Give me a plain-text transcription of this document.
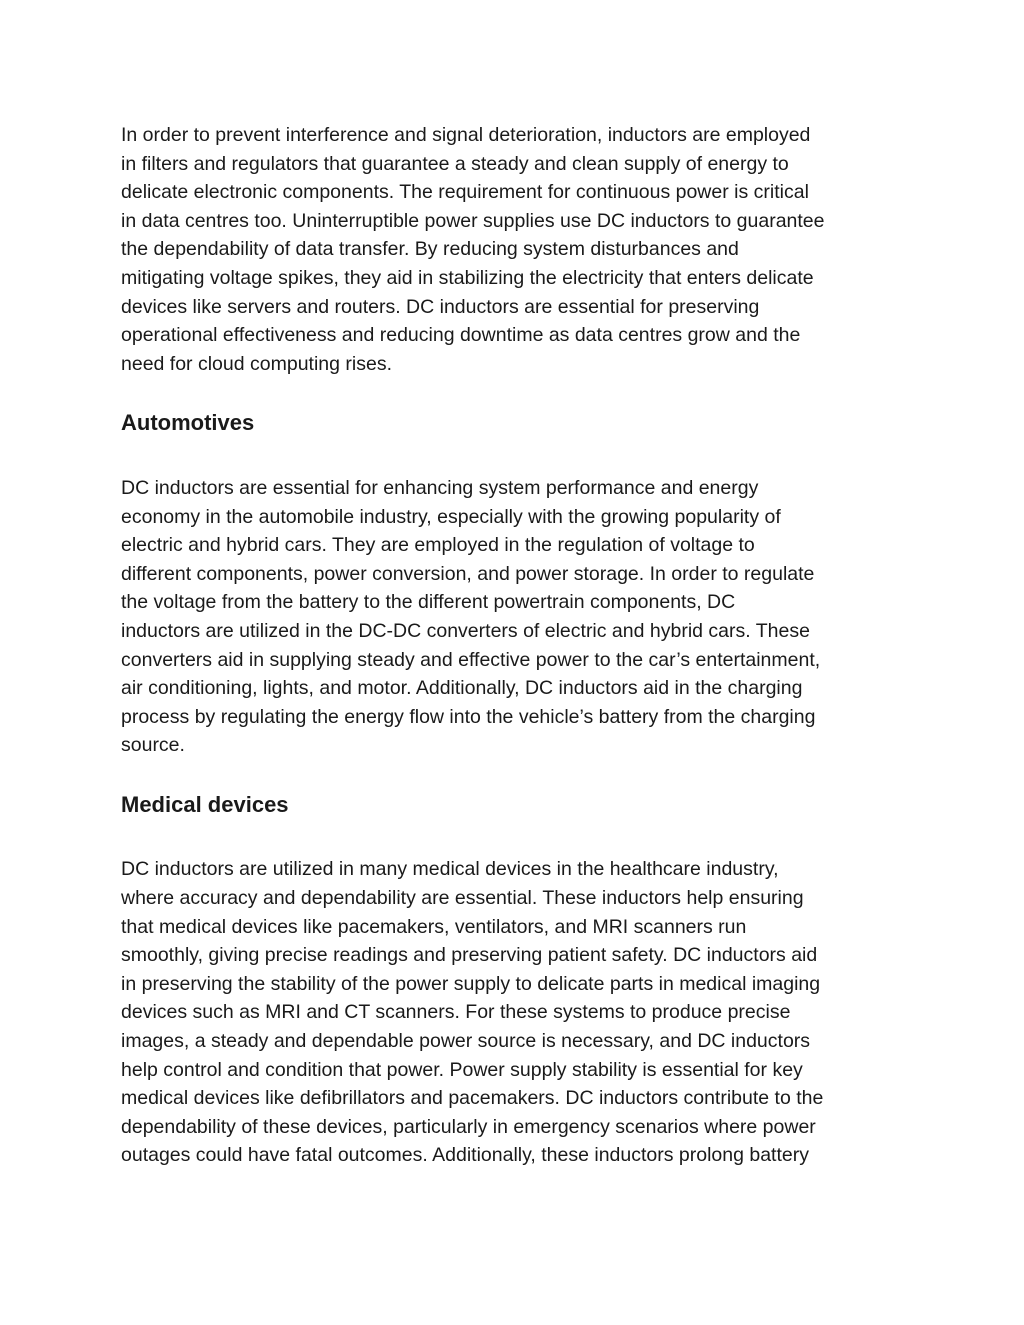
In order to prevent interference and signal deterioration, inductors are employed
in filters and regulators that guarantee a steady and clean supply of energy to
delicate electronic components. The requirement for continuous power is critical
in data centres too. Uninterruptible power supplies use DC inductors to guarantee
the dependability of data transfer. By reducing system disturbances and
mitigating voltage spikes, they aid in stabilizing the electricity that enters delicate
devices like servers and routers. DC inductors are essential for preserving
operational effectiveness and reducing downtime as data centres grow and the
need for cloud computing rises.

Automotives

DC inductors are essential for enhancing system performance and energy
economy in the automobile industry, especially with the growing popularity of
electric and hybrid cars. They are employed in the regulation of voltage to
different components, power conversion, and power storage. In order to regulate
the voltage from the battery to the different powertrain components, DC
inductors are utilized in the DC-DC converters of electric and hybrid cars. These
converters aid in supplying steady and effective power to the car’s entertainment,
air conditioning, lights, and motor. Additionally, DC inductors aid in the charging
process by regulating the energy flow into the vehicle’s battery from the charging
source.

Medical devices

DC inductors are utilized in many medical devices in the healthcare industry,
where accuracy and dependability are essential. These inductors help ensuring
that medical devices like pacemakers, ventilators, and MRI scanners run
smoothly, giving precise readings and preserving patient safety. DC inductors aid
in preserving the stability of the power supply to delicate parts in medical imaging
devices such as MRI and CT scanners. For these systems to produce precise
images, a steady and dependable power source is necessary, and DC inductors
help control and condition that power. Power supply stability is essential for key
medical devices like defibrillators and pacemakers. DC inductors contribute to the
dependability of these devices, particularly in emergency scenarios where power
outages could have fatal outcomes. Additionally, these inductors prolong battery
